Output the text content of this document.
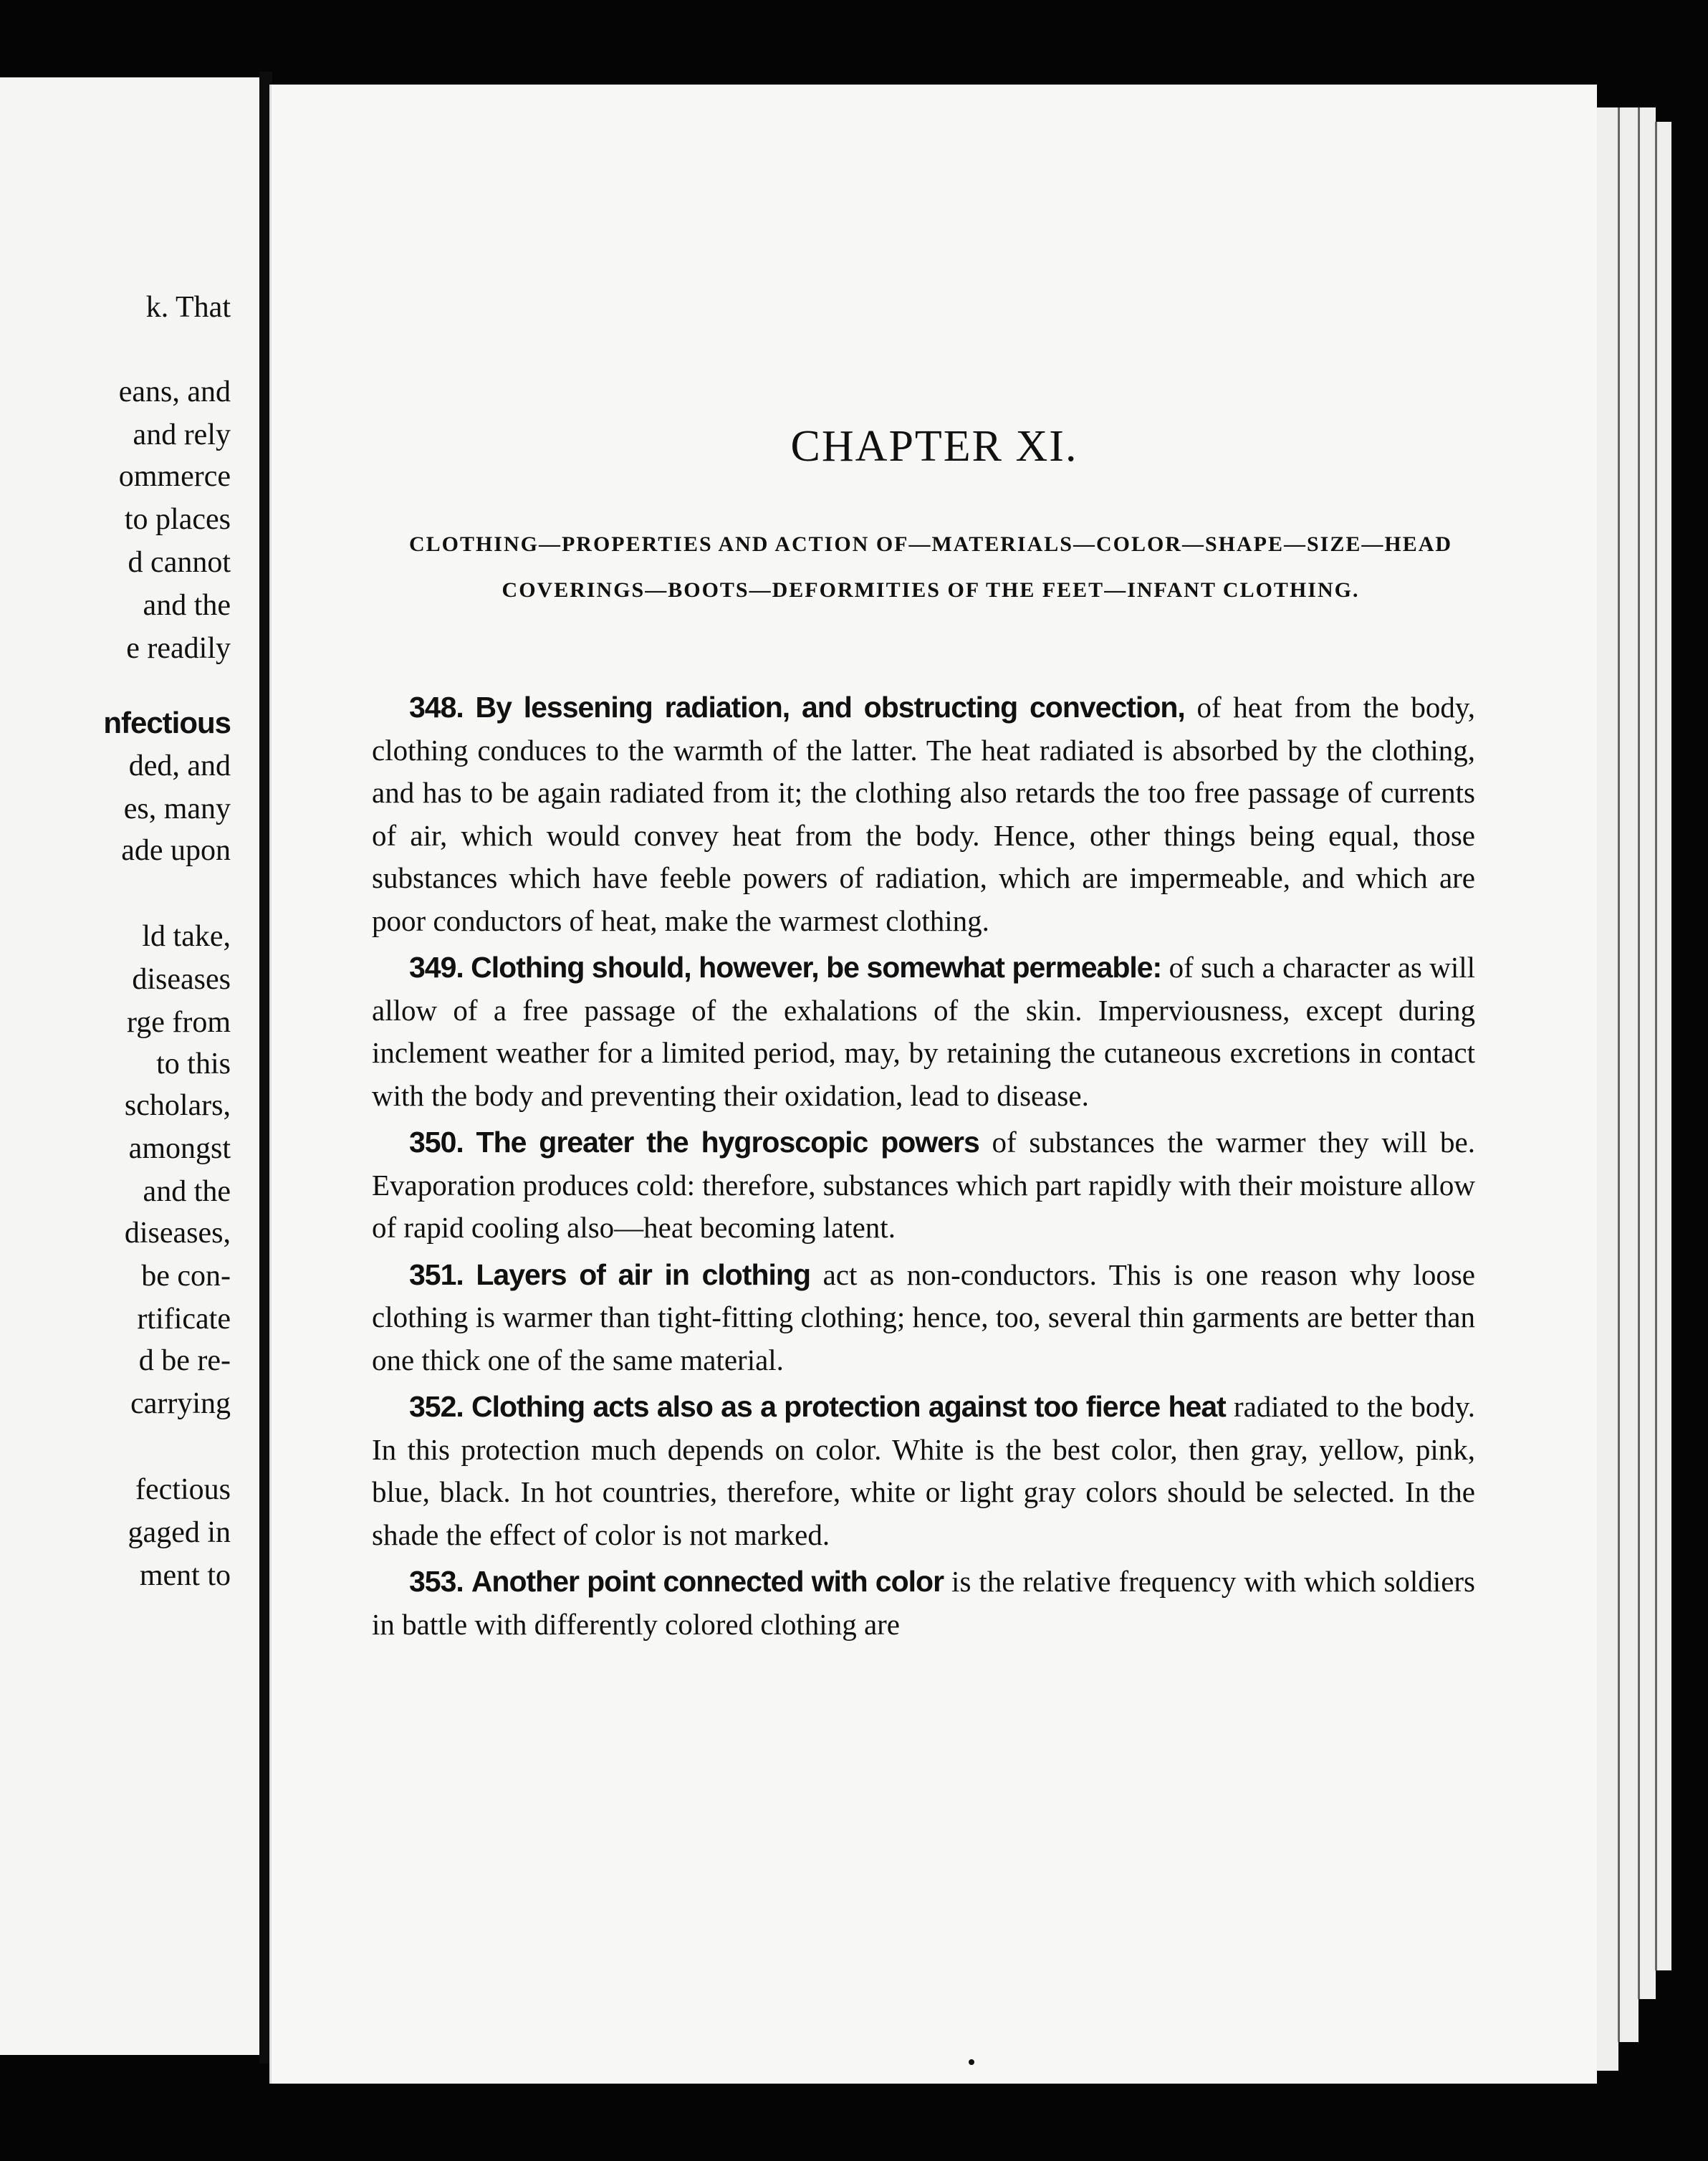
k. That
eans, and
and rely
ommerce
to places
d cannot
and the
e readily
nfectious
ded, and
es, many
ade upon
ld take,
diseases
rge from
to this
scholars,
amongst
and the
diseases,
be con-
rtificate
d be re-
carrying
fectious
gaged in
ment to
CHAPTER XI.
CLOTHING—PROPERTIES AND ACTION OF—MATERIALS—COLOR—SHAPE—SIZE—HEAD COVERINGS—BOOTS—DEFORMITIES OF THE FEET—INFANT CLOTHING.

348. By lessening radiation, and obstructing convection, of heat from the body, clothing conduces to the warmth of the latter. The heat radiated is absorbed by the clothing, and has to be again radiated from it; the clothing also retards the too free passage of currents of air, which would convey heat from the body. Hence, other things being equal, those substances which have feeble powers of radiation, which are impermeable, and which are poor conductors of heat, make the warmest clothing.

349. Clothing should, however, be somewhat permeable: of such a character as will allow of a free passage of the exhalations of the skin. Imperviousness, except during inclement weather for a limited period, may, by retaining the cutaneous excretions in contact with the body and preventing their oxidation, lead to disease.

350. The greater the hygroscopic powers of substances the warmer they will be. Evaporation produces cold: therefore, substances which part rapidly with their moisture allow of rapid cooling also—heat becoming latent.

351. Layers of air in clothing act as non-conductors. This is one reason why loose clothing is warmer than tight-fitting clothing; hence, too, several thin garments are better than one thick one of the same material.

352. Clothing acts also as a protection against too fierce heat radiated to the body. In this protection much depends on color. White is the best color, then gray, yellow, pink, blue, black. In hot countries, therefore, white or light gray colors should be selected. In the shade the effect of color is not marked.

353. Another point connected with color is the relative frequency with which soldiers in battle with differently colored clothing are
